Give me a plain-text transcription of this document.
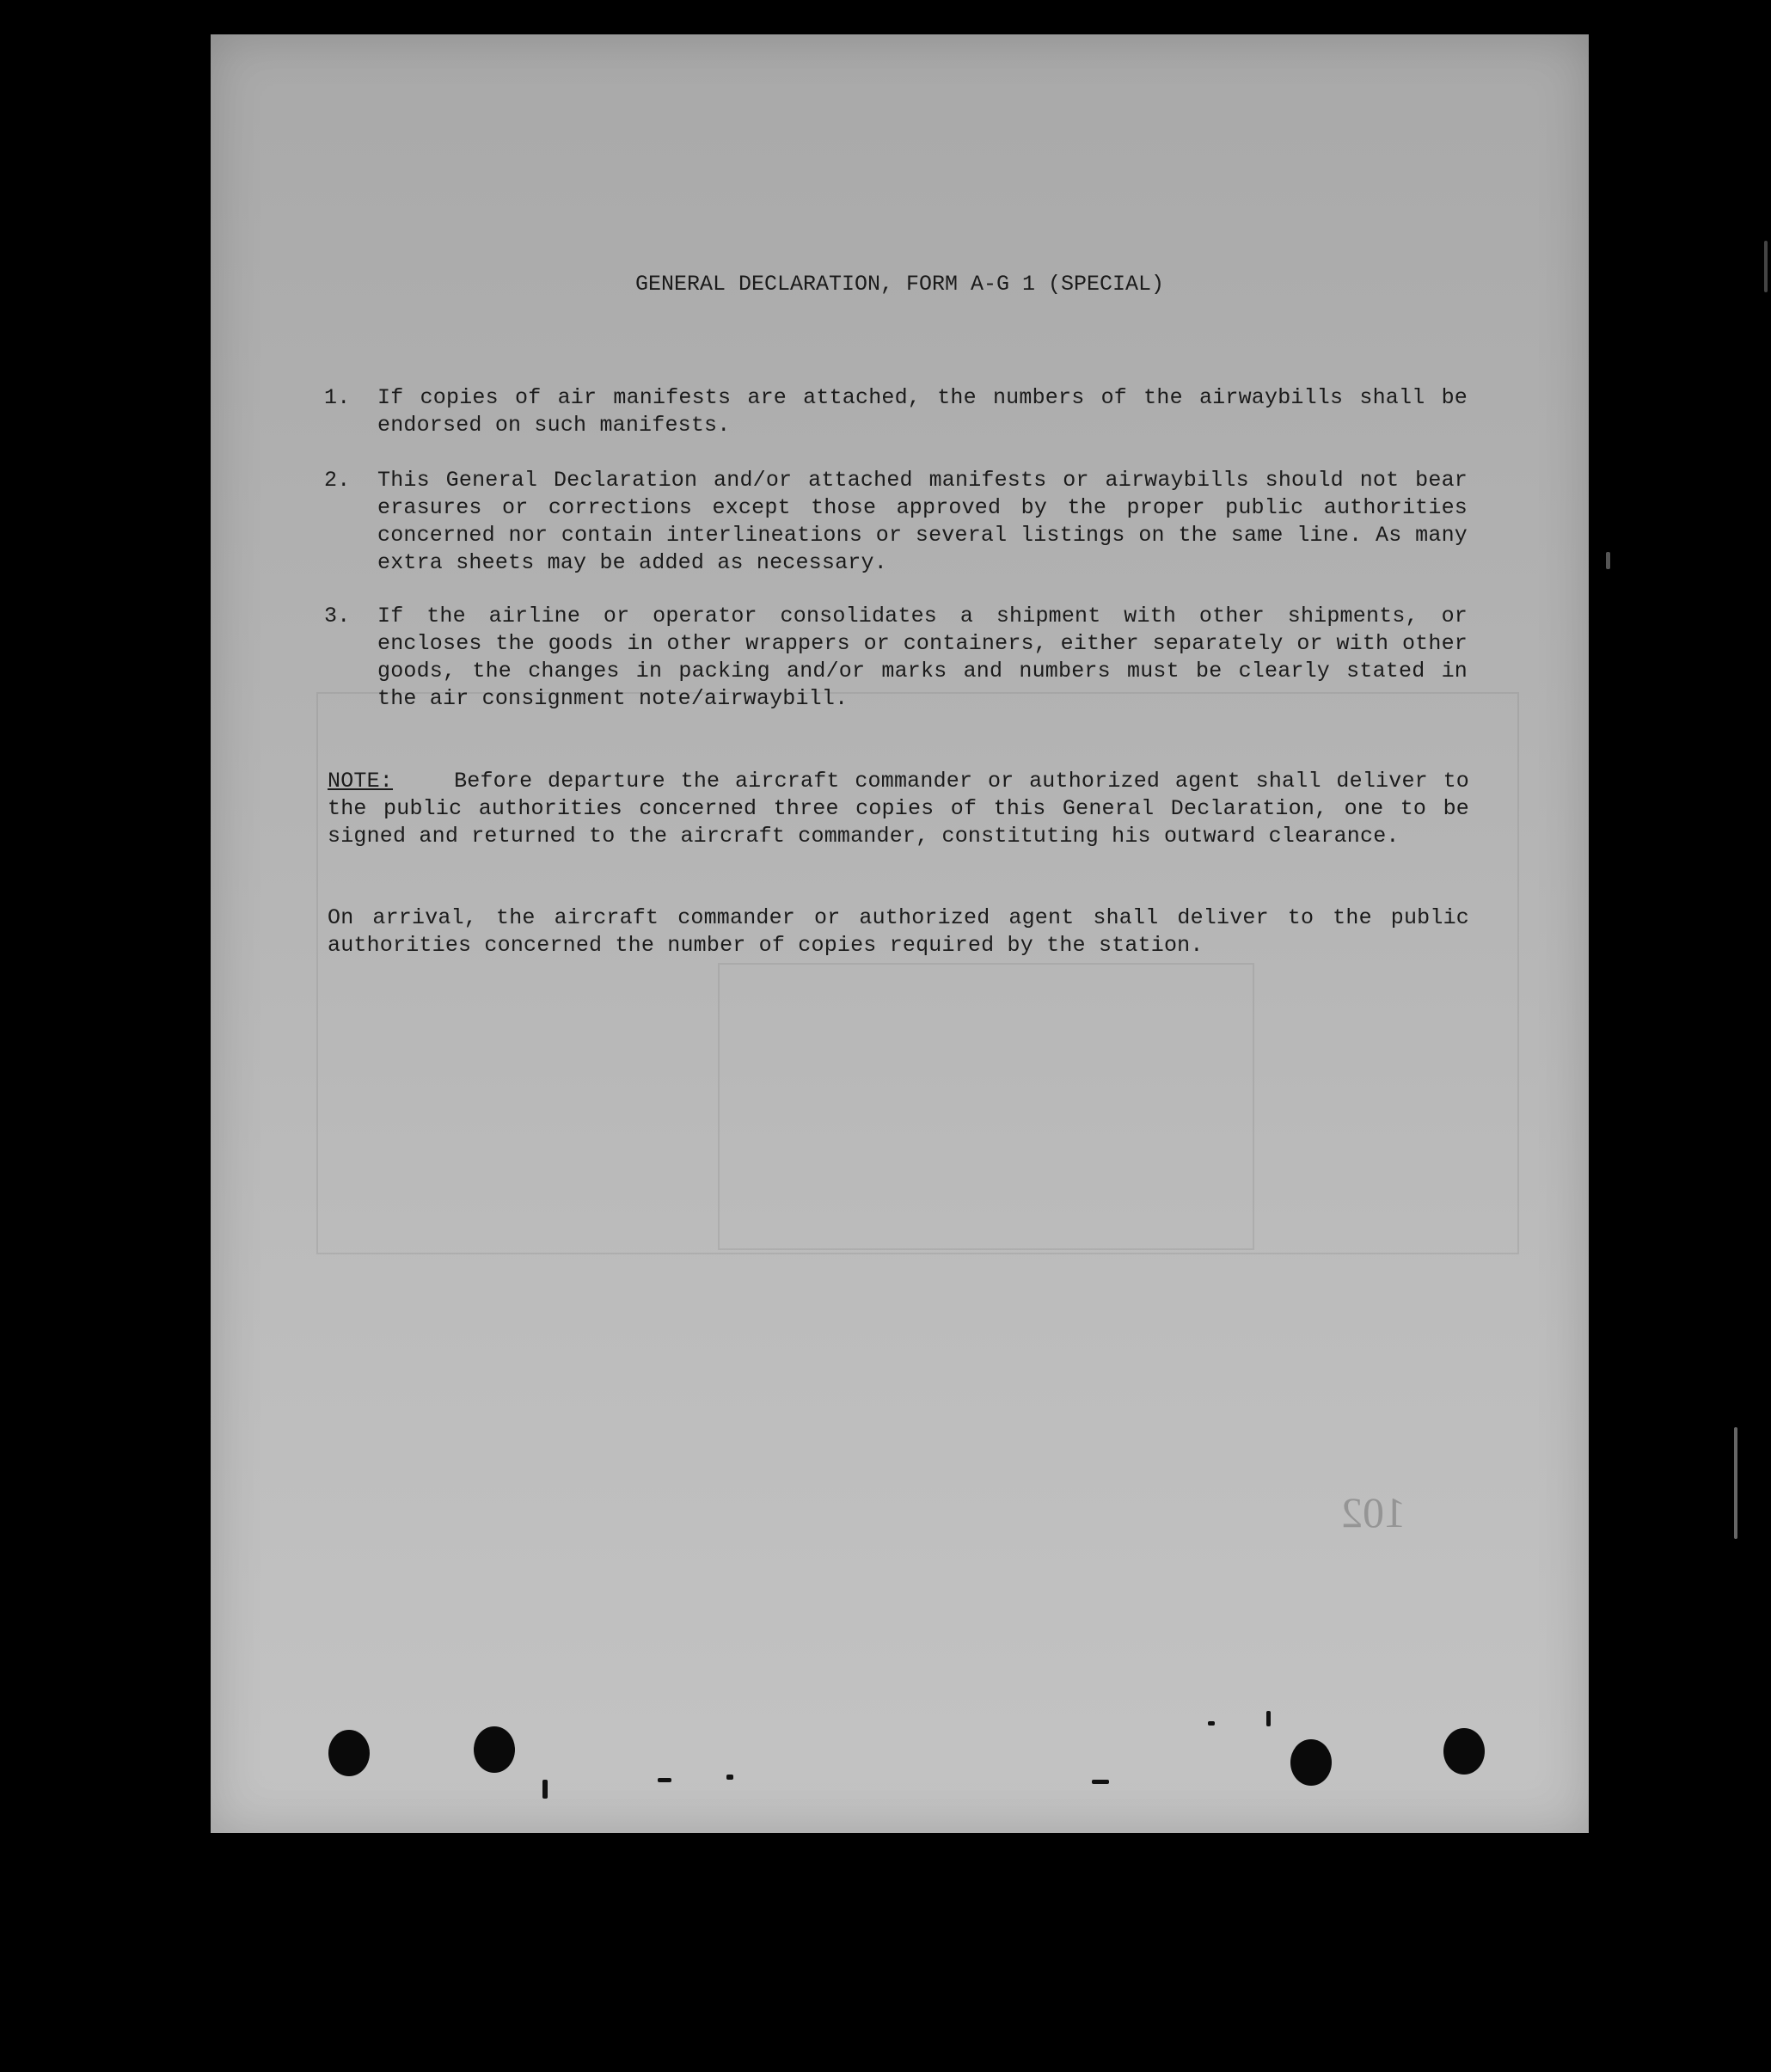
GENERAL DECLARATION, FORM A-G 1 (SPECIAL)
1.	If copies of air manifests are attached, the numbers of the airwaybills shall be endorsed on such manifests.
2.	This General Declaration and/or attached manifests or airwaybills should not bear erasures or corrections except those approved by the proper public authorities concerned nor contain interlineations or several listings on the same line. As many extra sheets may be added as necessary.
3.	If the airline or operator consolidates a shipment with other shipments, or encloses the goods in other wrappers or containers, either separately or with other goods, the changes in packing and/or marks and numbers must be clearly stated in the air consignment note/airwaybill.
NOTE:	Before departure the aircraft commander or authorized agent shall deliver to the public authorities concerned three copies of this General Declaration, one to be signed and returned to the aircraft commander, constituting his outward clearance.
On arrival, the aircraft commander or authorized agent shall deliver to the public authorities concerned the number of copies required by the station.
102
